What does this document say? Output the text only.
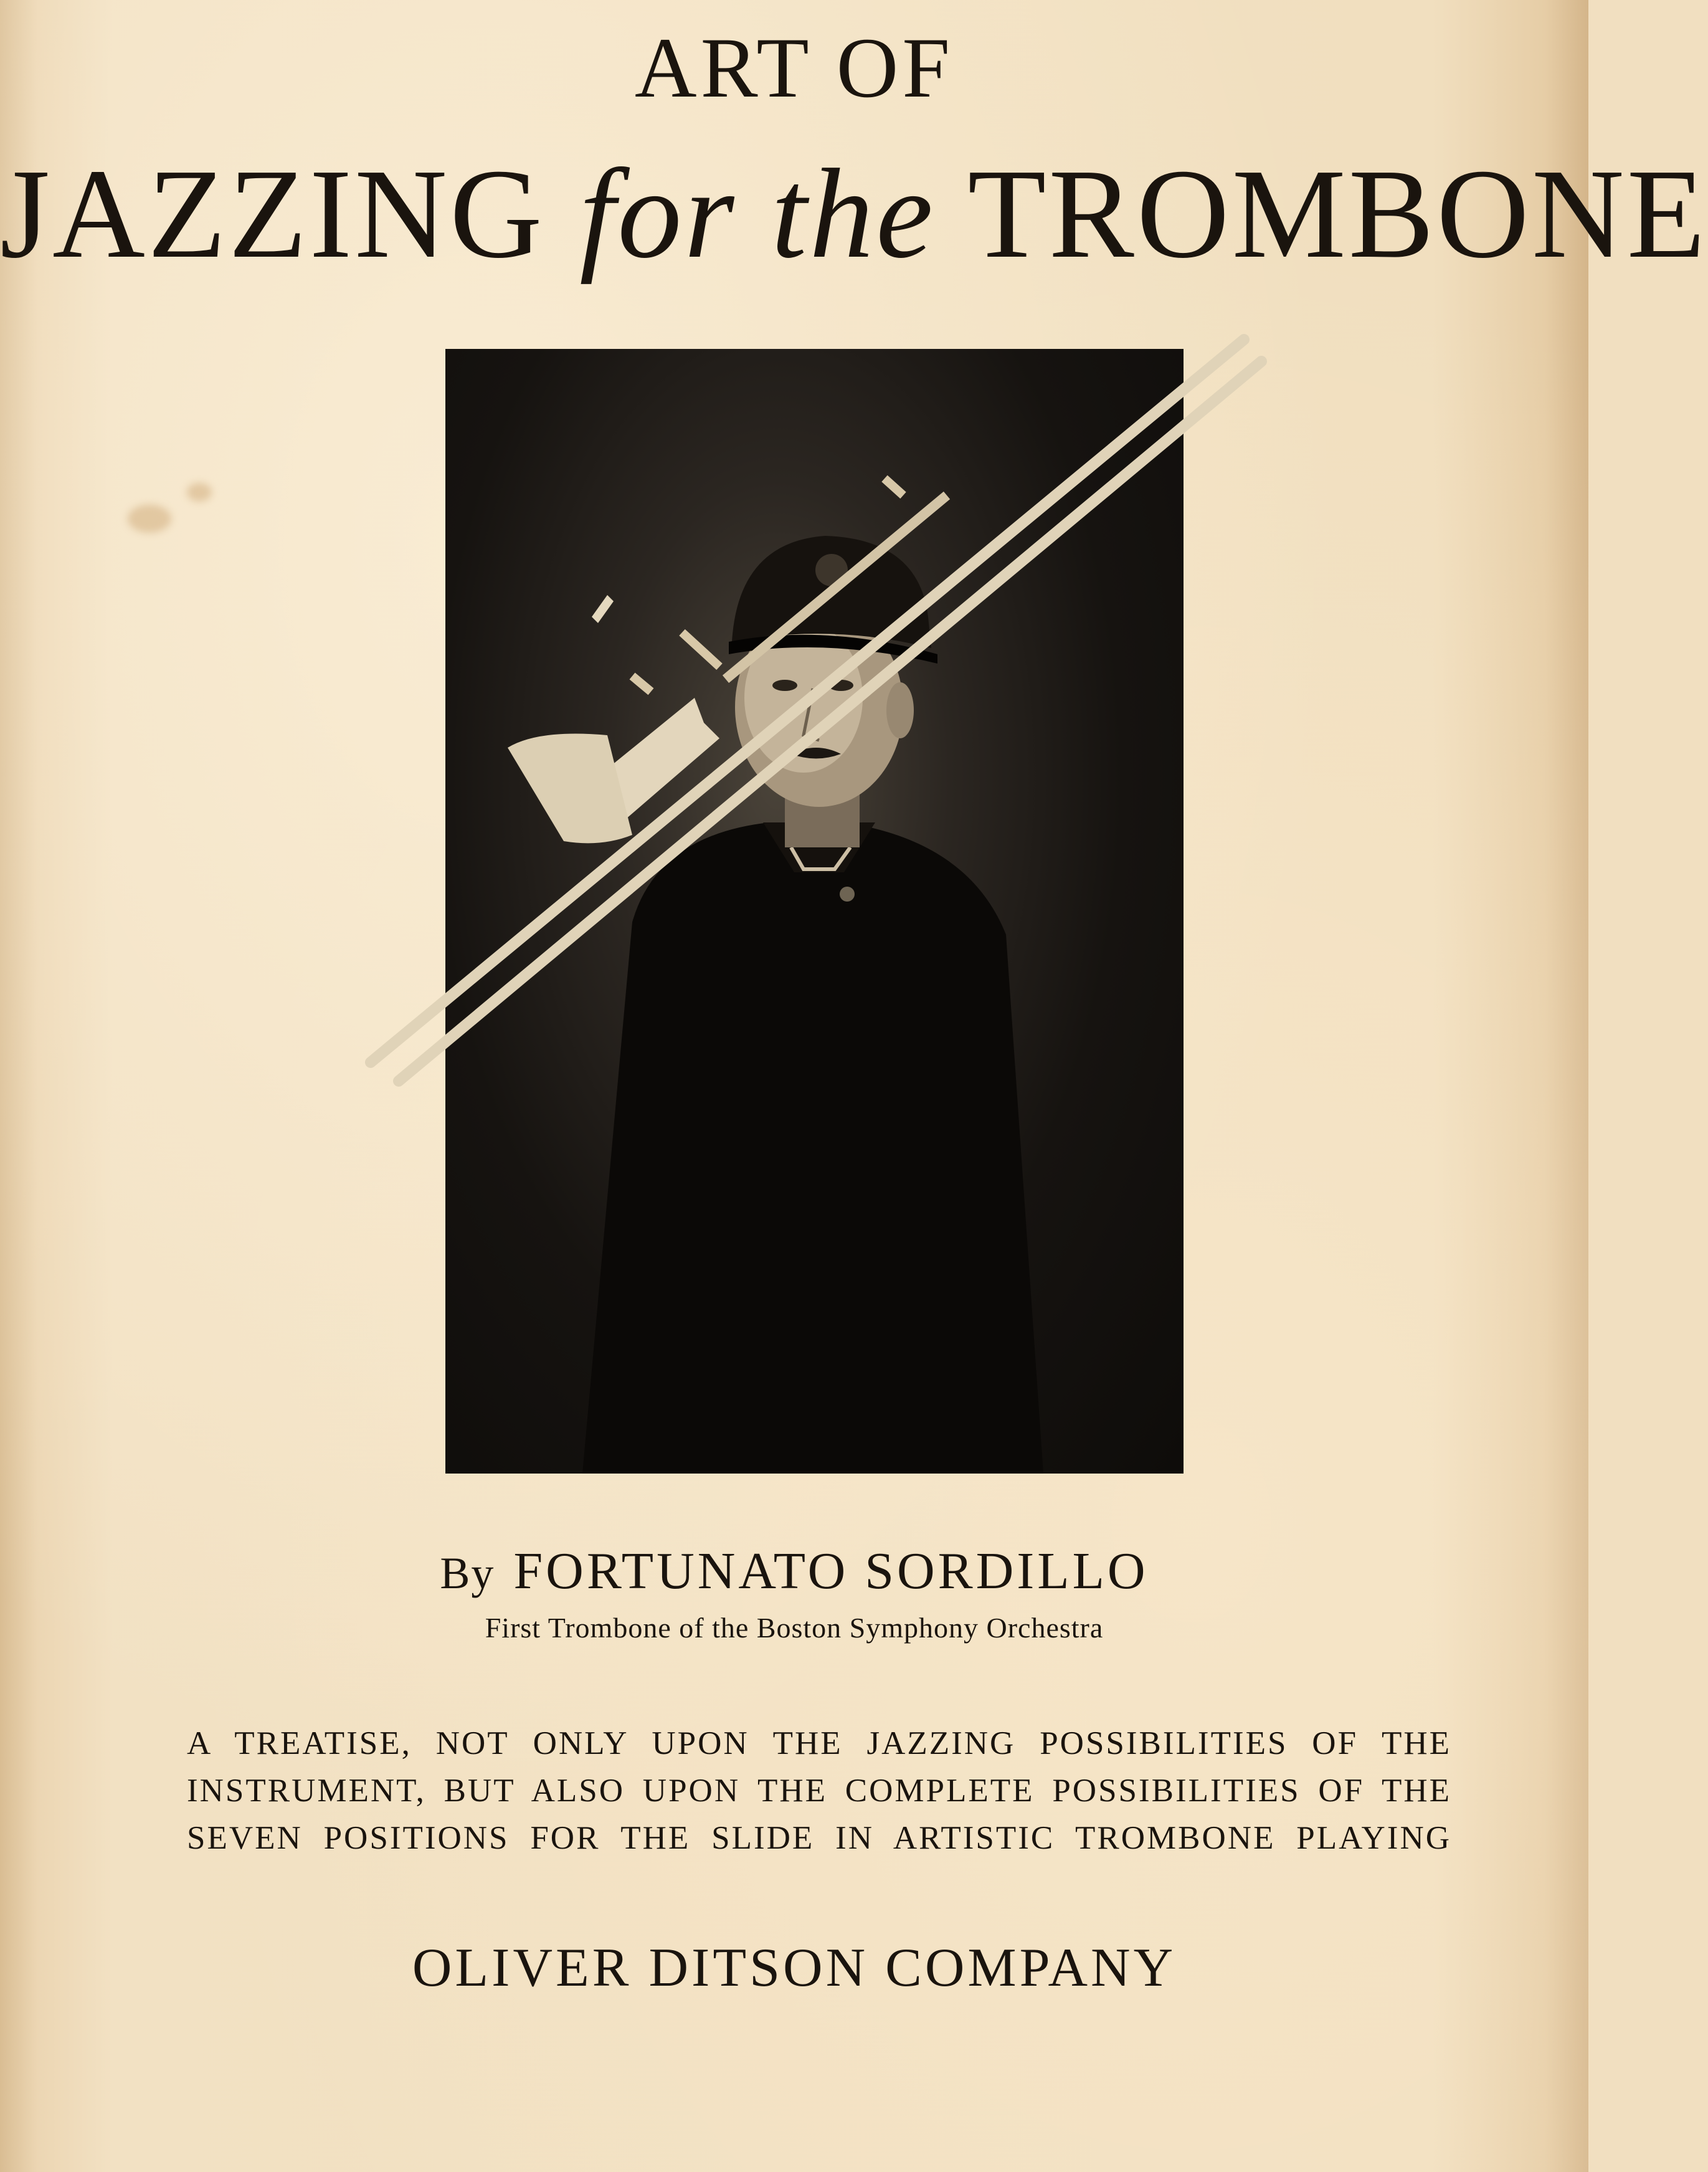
ART OF
JAZZING for the TROMBONE
By FORTUNATO SORDILLO
First Trombone of the Boston Symphony Orchestra
A TREATISE, NOT ONLY UPON THE JAZZING POSSIBILITIES OF THE
INSTRUMENT, BUT ALSO UPON THE COMPLETE POSSIBILITIES OF THE
SEVEN POSITIONS FOR THE SLIDE IN ARTISTIC TROMBONE PLAYING
OLIVER DITSON COMPANY
